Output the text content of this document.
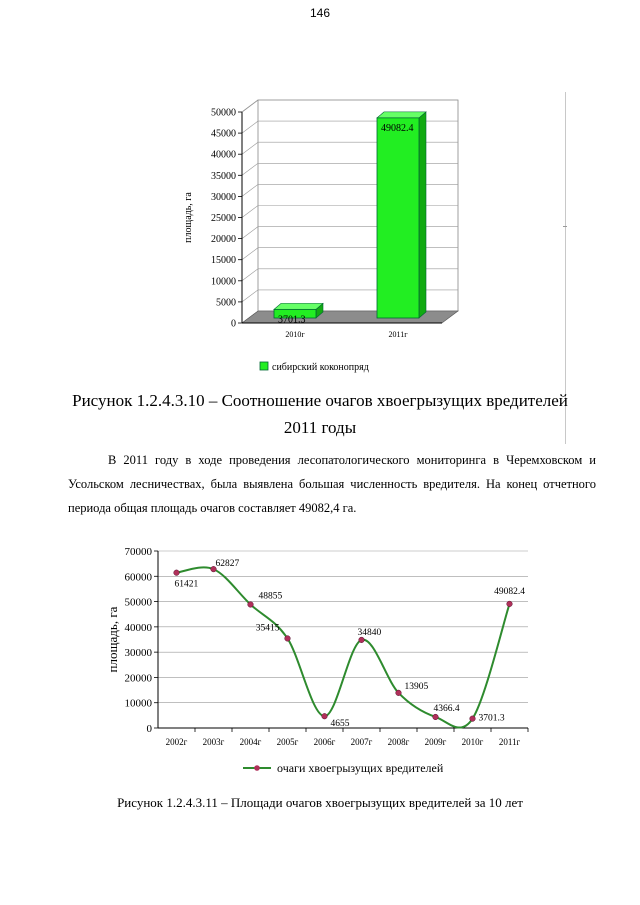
146
0
5000
10000
15000
20000
25000
30000
35000
40000
45000
50000
3701.3
2010г
49082.4
2011г
площадь, га
сибирский коконопряд
Рисунок 1.2.4.3.10 – Соотношение очагов хвоегрызущих вредителей
2011 годы

В 2011 году в ходе проведения лесопатологического мониторинга в Черемховском и Усольском лесничествах, была выявлена большая численность вредителя. На конец отчетного периода общая площадь очагов составляет 49082,4 га.

0
10000
20000
30000
40000
50000
60000
70000
2002г 2003г 2004г 2005г 2006г 2007г 2008г 2009г 2010г 2011г
61421
62827
48855
35415
4655
34840
13905
4366.4
3701.3
49082.4
площадь, га
очаги хвоегрызущих вредителей
Рисунок 1.2.4.3.11 – Площади очагов хвоегрызущих вредителей за 10 лет
